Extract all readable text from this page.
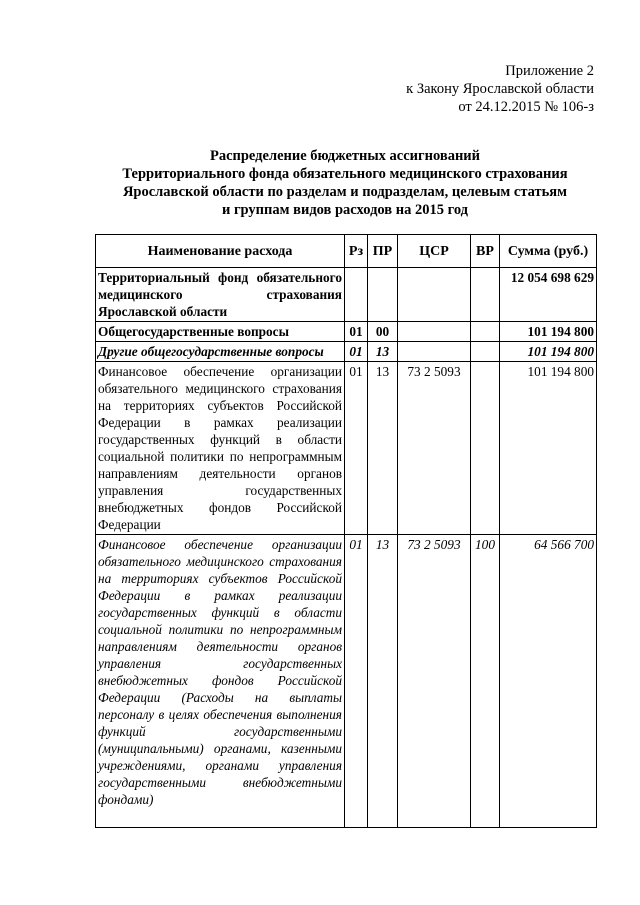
Приложение 2
к Закону Ярославской области
от 24.12.2015 № 106-з
Распределение бюджетных ассигнований
Территориального фонда обязательного медицинского страхования
Ярославской области по разделам и подразделам, целевым статьям
и группам видов расходов на 2015 год
Наименование расхода	Рз	ПР	ЦСР	ВР	Сумма (руб.)
Территориальный фонд обязательного медицинского страхования Ярославской области					12 054 698 629
Общегосударственные вопросы	01	00			101 194 800
Другие общегосударственные вопросы	01	13			101 194 800
Финансовое обеспечение организации обязательного медицинского страхования на территориях субъектов Российской Федерации в рамках реализации государственных функций в области социальной политики по непрограммным направлениям деятельности органов управления государственных внебюджетных фондов Российской Федерации	01	13	73 2 5093		101 194 800
Финансовое обеспечение организации обязательного медицинского страхования на территориях субъектов Российской Федерации в рамках реализации государственных функций в области социальной политики по непрограммным направлениям деятельности органов управления государственных внебюджетных фондов Российской Федерации (Расходы на выплаты персоналу в целях обеспечения выполнения функций государственными (муниципальными) органами, казенными учреждениями, органами управления государственными внебюджетными фондами)	01	13	73 2 5093	100	64 566 700
